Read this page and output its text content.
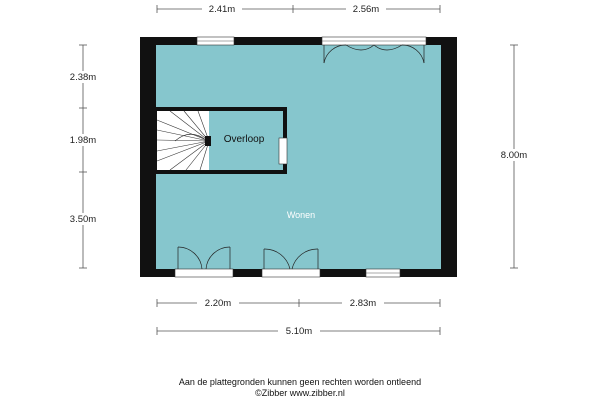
2.41m	2.56m
2.38m
1.98m
3.50m
8.00m
2.20m	2.83m
5.10m
Overloop
Wonen
Aan de plattegronden kunnen geen rechten worden ontleend
©Zibber www.zibber.nl
